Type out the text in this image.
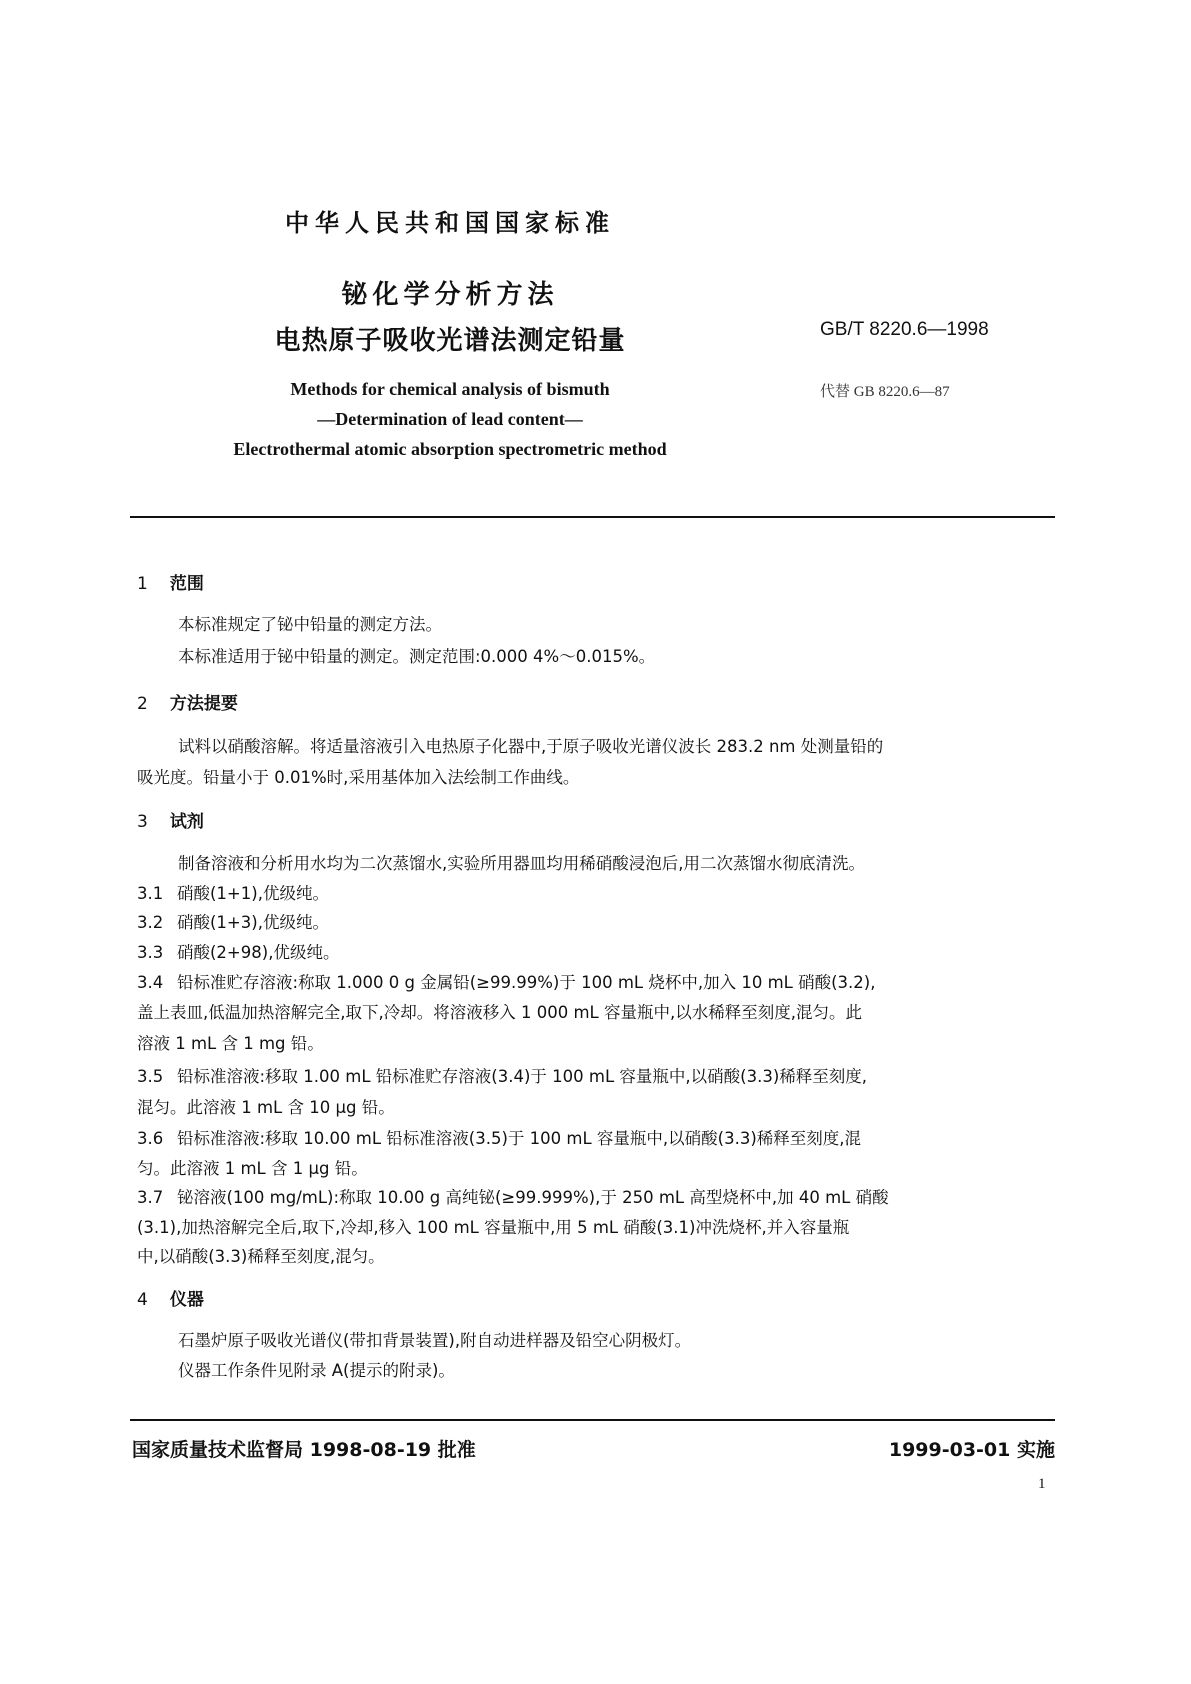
中华人民共和国国家标准
铋化学分析方法
电热原子吸收光谱法测定铅量	GB/T 8220.6—1998
代替 GB 8220.6—87
Methods for chemical analysis of bismuth
—Determination of lead content—
Electrothermal atomic absorption spectrometric method
1 范围
本标准规定了铋中铅量的测定方法。
本标准适用于铋中铅量的测定。测定范围:0.000 4%～0.015%。
2 方法提要
试料以硝酸溶解。将适量溶液引入电热原子化器中,于原子吸收光谱仪波长 283.2 nm 处测量铅的
吸光度。铅量小于 0.01%时,采用基体加入法绘制工作曲线。
3 试剂
制备溶液和分析用水均为二次蒸馏水,实验所用器皿均用稀硝酸浸泡后,用二次蒸馏水彻底清洗。
3.1 硝酸(1+1),优级纯。
3.2 硝酸(1+3),优级纯。
3.3 硝酸(2+98),优级纯。
3.4 铅标准贮存溶液:称取 1.000 0 g 金属铅(≥99.99%)于 100 mL 烧杯中,加入 10 mL 硝酸(3.2),
盖上表皿,低温加热溶解完全,取下,冷却。将溶液移入 1 000 mL 容量瓶中,以水稀释至刻度,混匀。此
溶液 1 mL 含 1 mg 铅。
3.5 铅标准溶液:移取 1.00 mL 铅标准贮存溶液(3.4)于 100 mL 容量瓶中,以硝酸(3.3)稀释至刻度,
混匀。此溶液 1 mL 含 10 μg 铅。
3.6 铅标准溶液:移取 10.00 mL 铅标准溶液(3.5)于 100 mL 容量瓶中,以硝酸(3.3)稀释至刻度,混
匀。此溶液 1 mL 含 1 μg 铅。
3.7 铋溶液(100 mg/mL):称取 10.00 g 高纯铋(≥99.999%),于 250 mL 高型烧杯中,加 40 mL 硝酸
(3.1),加热溶解完全后,取下,冷却,移入 100 mL 容量瓶中,用 5 mL 硝酸(3.1)冲洗烧杯,并入容量瓶
中,以硝酸(3.3)稀释至刻度,混匀。
4 仪器
石墨炉原子吸收光谱仪(带扣背景装置),附自动进样器及铅空心阴极灯。
仪器工作条件见附录 A(提示的附录)。
国家质量技术监督局 1998-08-19 批准	1999-03-01 实施
1
